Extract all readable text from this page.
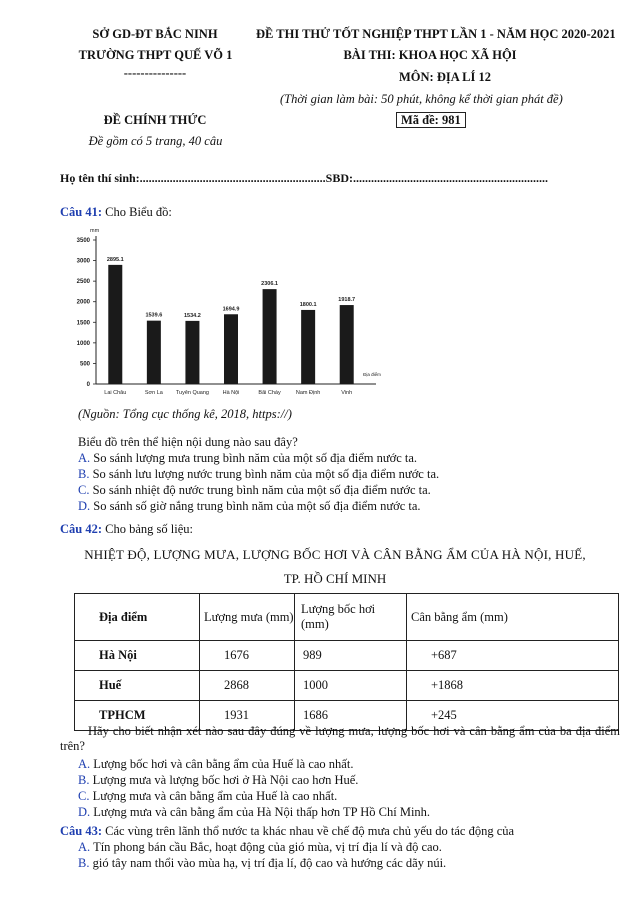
SỞ GD-ĐT BẮC NINH
TRƯỜNG THPT QUẾ VÕ 1
---------------
ĐỀ THI THỬ TỐT NGHIỆP THPT LẦN 1 - NĂM HỌC 2020-2021
BÀI THI: KHOA HỌC XÃ HỘI
MÔN: ĐỊA LÍ 12
(Thời gian làm bài: 50 phút, không kể thời gian phát đề)
ĐỀ CHÍNH THỨC
Đề gồm có 5 trang, 40 câu
Mã đề: 981
Họ tên thí sinh:..............................................................SBD:.................................................................
Câu 41: Cho Biểu đồ:
mm
Địa điểm
0
500
1000
1500
2000
2500
3000
3500
2895.1
Lai Châu
1539.6
Sơn La
1534.2
Tuyên Quang
1694.9
Hà Nội
2306.1
Bãi Cháy
1800.1
Nam Định
1918.7
Vinh
(Nguồn: Tổng cục thống kê, 2018, https://)
Biểu đồ trên thể hiện nội dung nào sau đây?
A. So sánh lượng mưa trung bình năm của một số địa điểm nước ta.
B. So sánh lưu lượng nước trung bình năm của một số địa điểm nước ta.
C. So sánh nhiệt độ nước trung bình năm của một số địa điểm nước ta.
D. So sánh số giờ nắng trung bình năm của một số địa điểm nước ta.
Câu 42: Cho bảng số liệu:
NHIỆT ĐỘ, LƯỢNG MƯA, LƯỢNG BỐC HƠI VÀ CÂN BẰNG ẨM CỦA HÀ NỘI, HUẾ,
TP. HỒ CHÍ MINH
Địa điểm	Lượng mưa (mm)	Lượng bốc hơi (mm)	Cân bằng ẩm (mm)
Hà Nội	1676	989	+687
Huế	2868	1000	+1868
TPHCM	1931	1686	+245
Hãy cho biết nhận xét nào sau đây đúng về lượng mưa, lượng bốc hơi và cân bằng ẩm của ba địa điểm trên?
A. Lượng bốc hơi và cân bằng ẩm của Huế là cao nhất.
B. Lượng mưa và lượng bốc hơi ở Hà Nội cao hơn Huế.
C. Lượng mưa và cân bằng ẩm của Huế là cao nhất.
D. Lượng mưa và cân bằng ẩm của Hà Nội thấp hơn TP Hồ Chí Minh.
Câu 43: Các vùng trên lãnh thổ nước ta khác nhau về chế độ mưa chủ yếu do tác động của
A. Tín phong bán cầu Bắc, hoạt động của gió mùa, vị trí địa lí và độ cao.
B. gió tây nam thổi vào mùa hạ, vị trí địa lí, độ cao và hướng các dãy núi.
